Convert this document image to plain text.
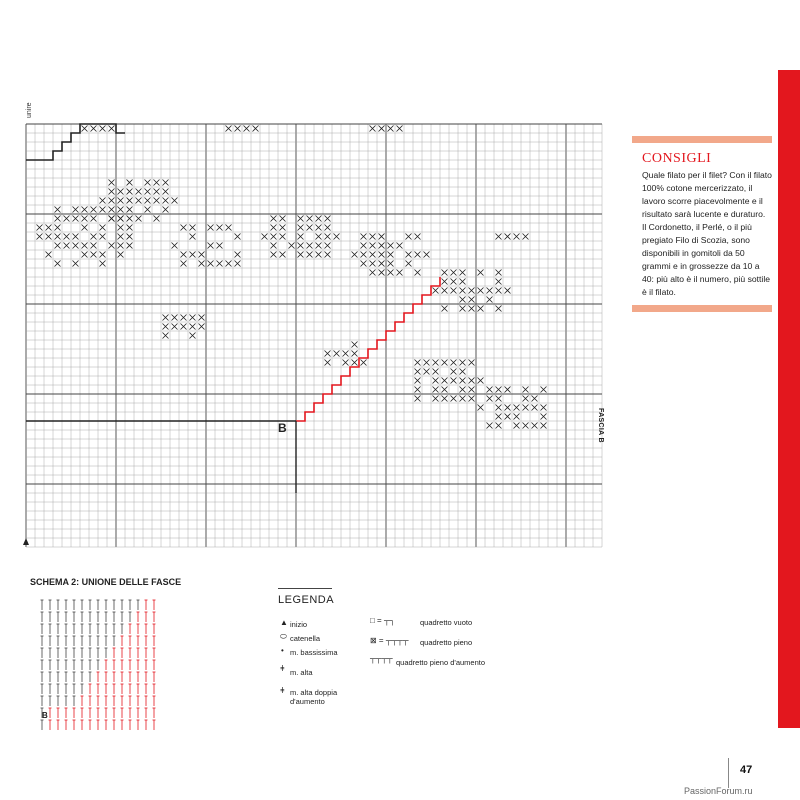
unire
FASCIA B
B
CONSIGLI

Quale filato per il filet? Con il filato 100% cotone mercerizzato, il lavoro scorre piacevolmente e il risultato sarà lucente e duraturo.

Il Cordonetto, il Perlé, o il più pregiato Filo di Scozia, sono disponibili in gomitoli da 50 grammi e in grossezze da 10 a 40: più alto è il numero, più sottile è il filato.

SCHEMA 2: UNIONE DELLE FASCE
B
LEGENDA
▲ inizio
⬭ catenella
• m. bassissima
ǂ m. alta
ǂ m. alta doppia d'aumento
□ = ┬┐	quadretto vuoto
⊠ = ┬┬┬┬ quadretto pieno
┬┬┬┬ quadretto pieno d'aumento
47
PassionForum.ru
